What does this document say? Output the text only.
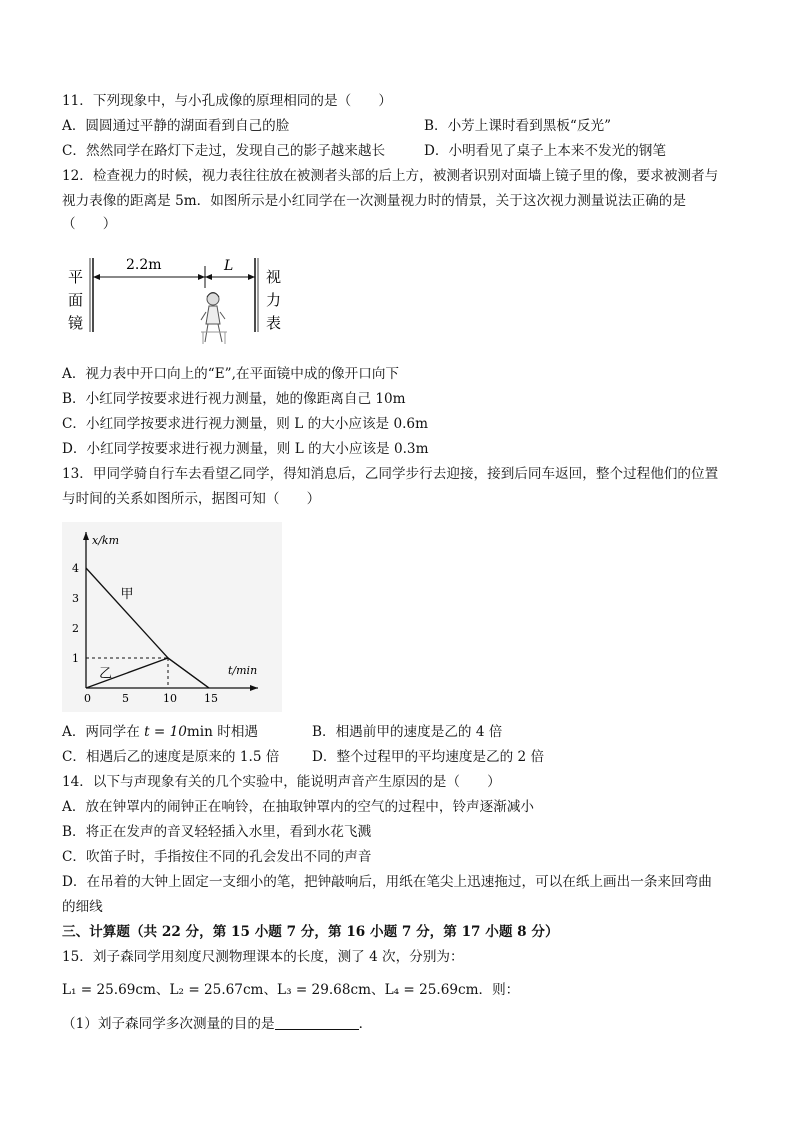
11．下列现象中，与小孔成像的原理相同的是（　　）
A．圆圆通过平静的湖面看到自己的脸	B．小芳上课时看到黑板“反光”
C．然然同学在路灯下走过，发现自己的影子越来越长	D．小明看见了桌子上本来不发光的钢笔
12．检查视力的时候，视力表往往放在被测者头部的后上方，被测者识别对面墙上镜子里的像，要求被测者与
视力表像的距离是 5m．如图所示是小红同学在一次测量视力时的情景，关于这次视力测量说法正确的是
（　　）
2.2m	L
平
面
镜
视
力
表
A．视力表中开口向上的“E”,在平面镜中成的像开口向下
B．小红同学按要求进行视力测量，她的像距离自己 10m
C．小红同学按要求进行视力测量，则 L 的大小应该是 0.6m
D．小红同学按要求进行视力测量，则 L 的大小应该是 0.3m
13．甲同学骑自行车去看望乙同学，得知消息后，乙同学步行去迎接，接到后同车返回，整个过程他们的位置
与时间的关系如图所示，据图可知（　　）
x/km
t/min
1
2
3
4
0	5	10 15
甲
乙
A．两同学在 t = 10min 时相遇	B．相遇前甲的速度是乙的 4 倍
C．相遇后乙的速度是原来的 1.5 倍 D．整个过程甲的平均速度是乙的 2 倍
14．以下与声现象有关的几个实验中，能说明声音产生原因的是（　　）
A．放在钟罩内的闹钟正在响铃，在抽取钟罩内的空气的过程中，铃声逐渐减小
B．将正在发声的音叉轻轻插入水里，看到水花飞溅
C．吹笛子时，手指按住不同的孔会发出不同的声音
D．在吊着的大钟上固定一支细小的笔，把钟敲响后，用纸在笔尖上迅速拖过，可以在纸上画出一条来回弯曲
的细线
三、计算题（共 22 分，第 15 小题 7 分，第 16 小题 7 分，第 17 小题 8 分）
15．刘子森同学用刻度尺测物理课本的长度，测了 4 次，分别为：
L₁ = 25.69cm、L₂ = 25.67cm、L₃ = 29.68cm、L₄ = 25.69cm．则：
（1）刘子森同学多次测量的目的是	．
